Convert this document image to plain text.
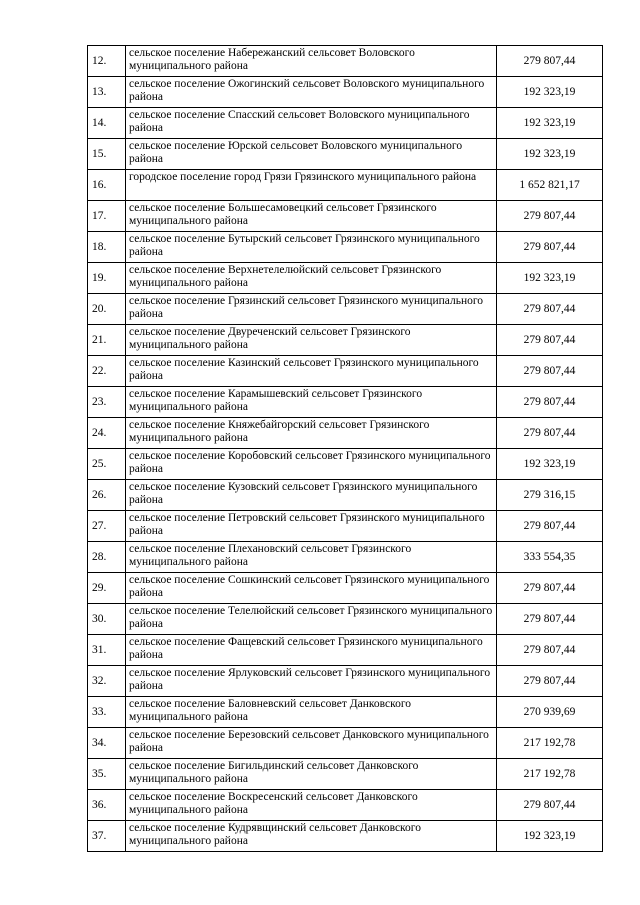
12.	сельское поселение Набережанский сельсовет Воловского муниципального района	279 807,44
13.	сельское поселение Ожогинский сельсовет Воловского муниципального района	192 323,19
14.	сельское поселение Спасский сельсовет Воловского муниципального района	192 323,19
15.	сельское поселение Юрской сельсовет Воловского муниципального района	192 323,19
16.	городское поселение город Грязи Грязинского муниципального района	1 652 821,17
17.	сельское поселение Большесамовецкий сельсовет Грязинского муниципального района	279 807,44
18.	сельское поселение Бутырский сельсовет Грязинского муниципального района	279 807,44
19.	сельское поселение Верхнетелелюйский сельсовет Грязинского муниципального района	192 323,19
20.	сельское поселение Грязинский сельсовет Грязинского муниципального района	279 807,44
21.	сельское поселение Двуреченский сельсовет Грязинского муниципального района	279 807,44
22.	сельское поселение Казинский сельсовет Грязинского муниципального района	279 807,44
23.	сельское поселение Карамышевский сельсовет Грязинского муниципального района	279 807,44
24.	сельское поселение Княжебайгорский сельсовет Грязинского муниципального района	279 807,44
25.	сельское поселение Коробовский сельсовет Грязинского муниципального района	192 323,19
26.	сельское поселение Кузовский сельсовет Грязинского муниципального района	279 316,15
27.	сельское поселение Петровский сельсовет Грязинского муниципального района	279 807,44
28.	сельское поселение Плехановский сельсовет Грязинского муниципального района	333 554,35
29.	сельское поселение Сошкинский сельсовет Грязинского муниципального района	279 807,44
30.	сельское поселение Телелюйский сельсовет Грязинского муниципального района	279 807,44
31.	сельское поселение Фащевский сельсовет Грязинского муниципального района	279 807,44
32.	сельское поселение Ярлуковский сельсовет Грязинского муниципального района	279 807,44
33.	сельское поселение Баловневский сельсовет Данковского муниципального района	270 939,69
34.	сельское поселение Березовский сельсовет Данковского муниципального района	217 192,78
35.	сельское поселение Бигильдинский сельсовет Данковского муниципального района	217 192,78
36.	сельское поселение Воскресенский сельсовет Данковского муниципального района	279 807,44
37.	сельское поселение Кудрявщинский сельсовет Данковского муниципального района	192 323,19
